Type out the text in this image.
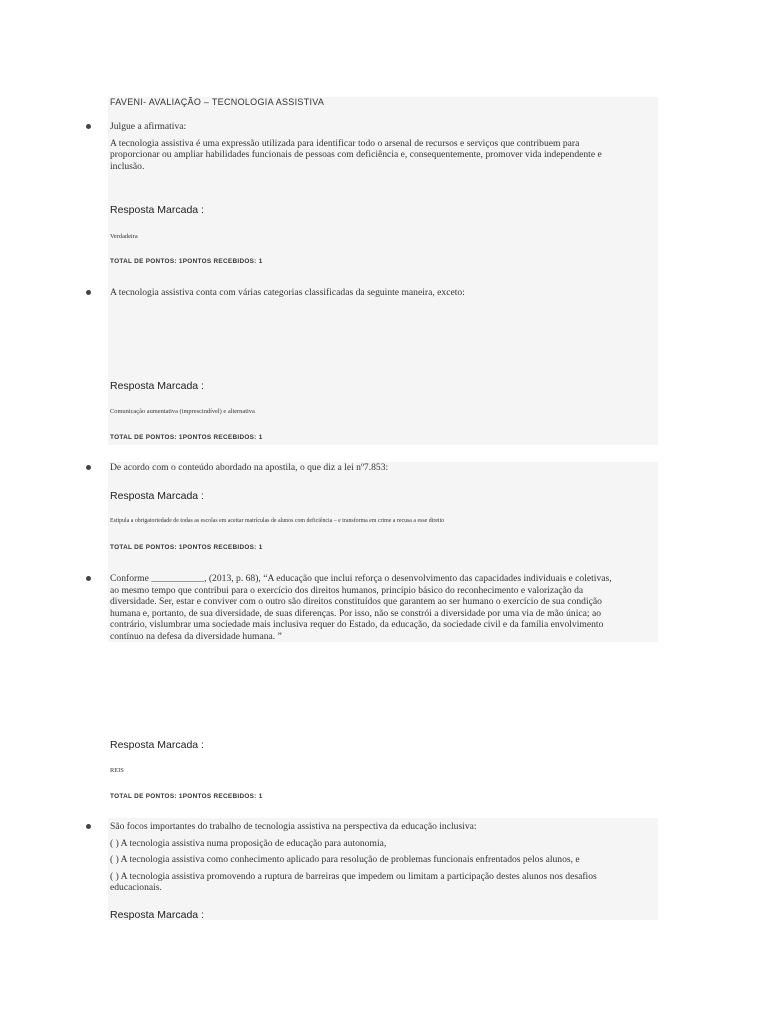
FAVENI- AVALIAÇÃO – TECNOLOGIA ASSISTIVA
Julgue a afirmativa:
A tecnologia assistiva é uma expressão utilizada para identificar todo o arsenal de recursos e serviços que contribuem para
proporcionar ou ampliar habilidades funcionais de pessoas com deficiência e, consequentemente, promover vida independente e
inclusão.
Resposta Marcada :
Verdadeira
TOTAL DE PONTOS: 1PONTOS RECEBIDOS: 1
A tecnologia assistiva conta com várias categorias classificadas da seguinte maneira, exceto:
Resposta Marcada :
Comunicação aumentativa (imprescindível) e alternativa
TOTAL DE PONTOS: 1PONTOS RECEBIDOS: 1
De acordo com o conteúdo abordado na apostila, o que diz a lei nº7.853:
Resposta Marcada :
Estipula a obrigatoriedade de todas as escolas em aceitar matrículas de alunos com deficiência – e transforma em crime a recusa a esse direito
TOTAL DE PONTOS: 1PONTOS RECEBIDOS: 1
Conforme ___________, (2013, p. 68), “A educação que inclui reforça o desenvolvimento das capacidades individuais e coletivas,
ao mesmo tempo que contribui para o exercício dos direitos humanos, princípio básico do reconhecimento e valorização da
diversidade. Ser, estar e conviver com o outro são direitos constituídos que garantem ao ser humano o exercício de sua condição
humana e, portanto, de sua diversidade, de suas diferenças. Por isso, não se constrói a diversidade por uma via de mão única; ao
contrário, vislumbrar uma sociedade mais inclusiva requer do Estado, da educação, da sociedade civil e da família envolvimento
contínuo na defesa da diversidade humana. ”
Resposta Marcada :
REIS
TOTAL DE PONTOS: 1PONTOS RECEBIDOS: 1
São focos importantes do trabalho de tecnologia assistiva na perspectiva da educação inclusiva:
( ) A tecnologia assistiva numa proposição de educação para autonomia,
( ) A tecnologia assistiva como conhecimento aplicado para resolução de problemas funcionais enfrentados pelos alunos, e
( ) A tecnologia assistiva promovendo a ruptura de barreiras que impedem ou limitam a participação destes alunos nos desafios
educacionais.
Resposta Marcada :
